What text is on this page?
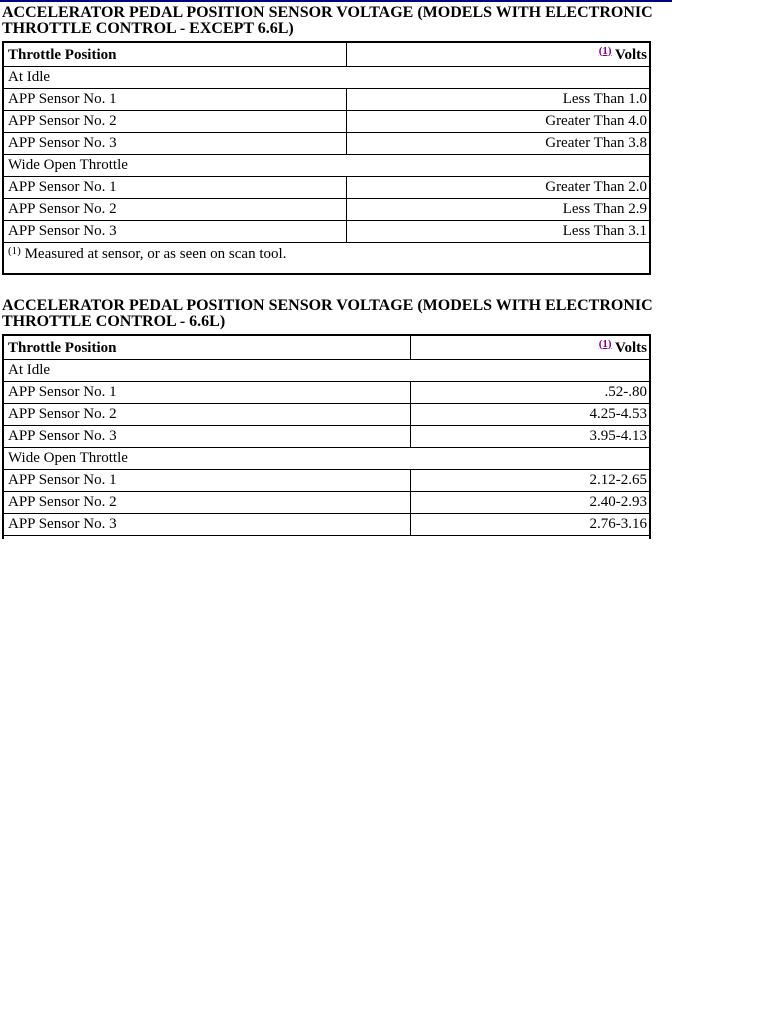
ACCELERATOR PEDAL POSITION SENSOR VOLTAGE (MODELS WITH ELECTRONIC THROTTLE CONTROL - EXCEPT 6.6L)
Throttle Position	$^{(1)}$ Volts
At Idle	
APP Sensor No. 1	Less Than 1.0
APP Sensor No. 2	Greater Than 4.0
APP Sensor No. 3	Greater Than 3.8
Wide Open Throttle	
APP Sensor No. 1	Greater Than 2.0
APP Sensor No. 2	Less Than 2.9
APP Sensor No. 3	Less Than 3.1
$^{(1)}$ Measured at sensor, or as seen on scan tool.	
ACCELERATOR PEDAL POSITION SENSOR VOLTAGE (MODELS WITH ELECTRONIC THROTTLE CONTROL - 6.6L)
Throttle Position	$^{(1)}$ Volts
At Idle	
APP Sensor No. 1	.52-.80
APP Sensor No. 2	4.25-4.53
APP Sensor No. 3	3.95-4.13
Wide Open Throttle	
APP Sensor No. 1	2.12-2.65
APP Sensor No. 2	2.40-2.93
APP Sensor No. 3	2.76-3.16
